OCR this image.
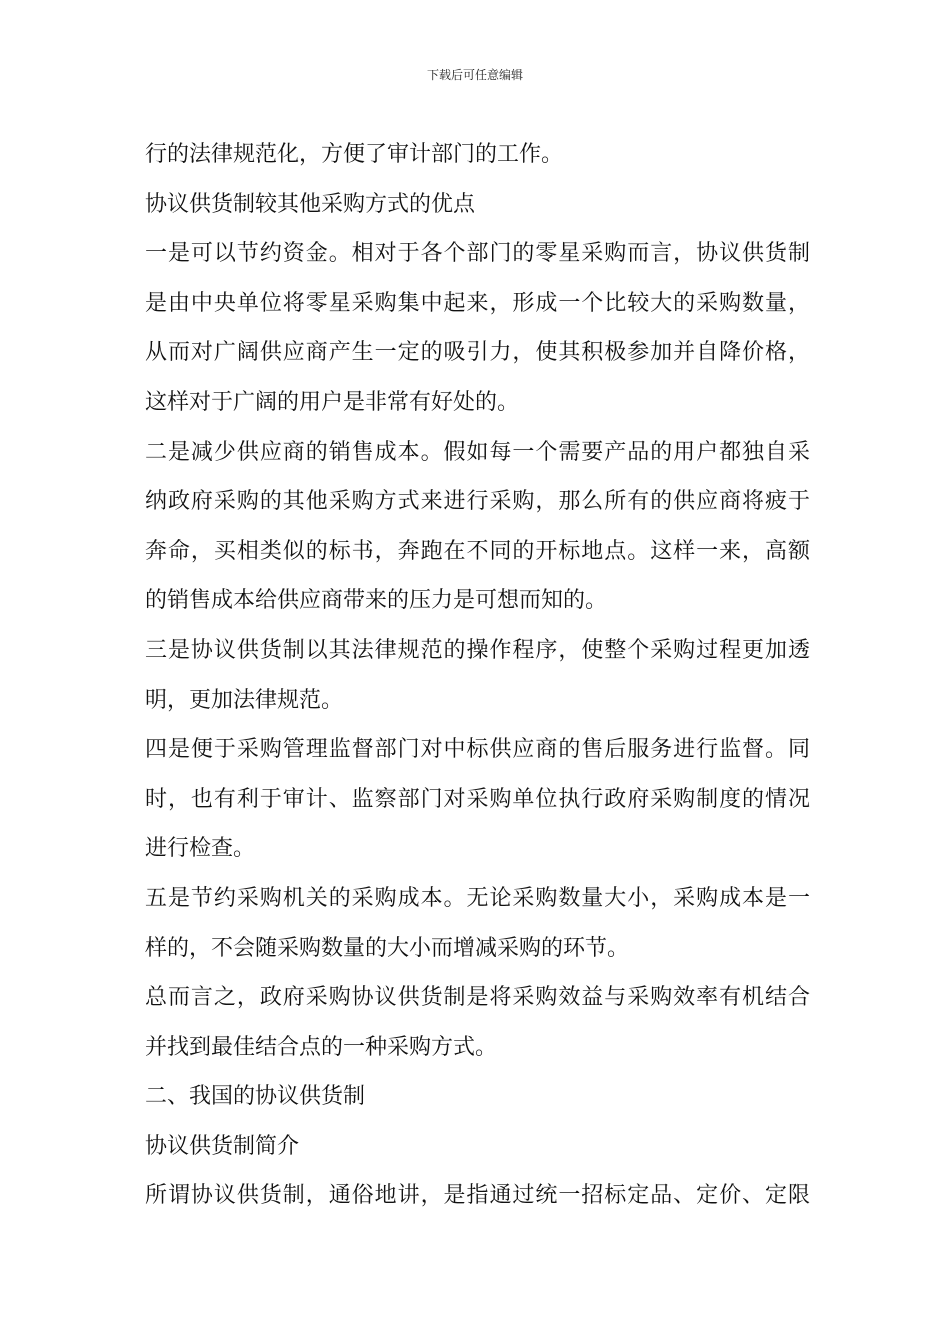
下载后可任意编辑
行的法律规范化，方便了审计部门的工作。
协议供货制较其他采购方式的优点
一是可以节约资金。相对于各个部门的零星采购而言，协议供货制
是由中央单位将零星采购集中起来，形成一个比较大的采购数量，
从而对广阔供应商产生一定的吸引力，使其积极参加并自降价格，
这样对于广阔的用户是非常有好处的。
二是减少供应商的销售成本。假如每一个需要产品的用户都独自采
纳政府采购的其他采购方式来进行采购，那么所有的供应商将疲于
奔命，买相类似的标书，奔跑在不同的开标地点。这样一来，高额
的销售成本给供应商带来的压力是可想而知的。
三是协议供货制以其法律规范的操作程序，使整个采购过程更加透
明，更加法律规范。
四是便于采购管理监督部门对中标供应商的售后服务进行监督。同
时，也有利于审计、监察部门对采购单位执行政府采购制度的情况
进行检查。
五是节约采购机关的采购成本。无论采购数量大小，采购成本是一
样的，不会随采购数量的大小而增减采购的环节。
总而言之，政府采购协议供货制是将采购效益与采购效率有机结合
并找到最佳结合点的一种采购方式。
二、我国的协议供货制
协议供货制简介
所谓协议供货制，通俗地讲，是指通过统一招标定品、定价、定限
